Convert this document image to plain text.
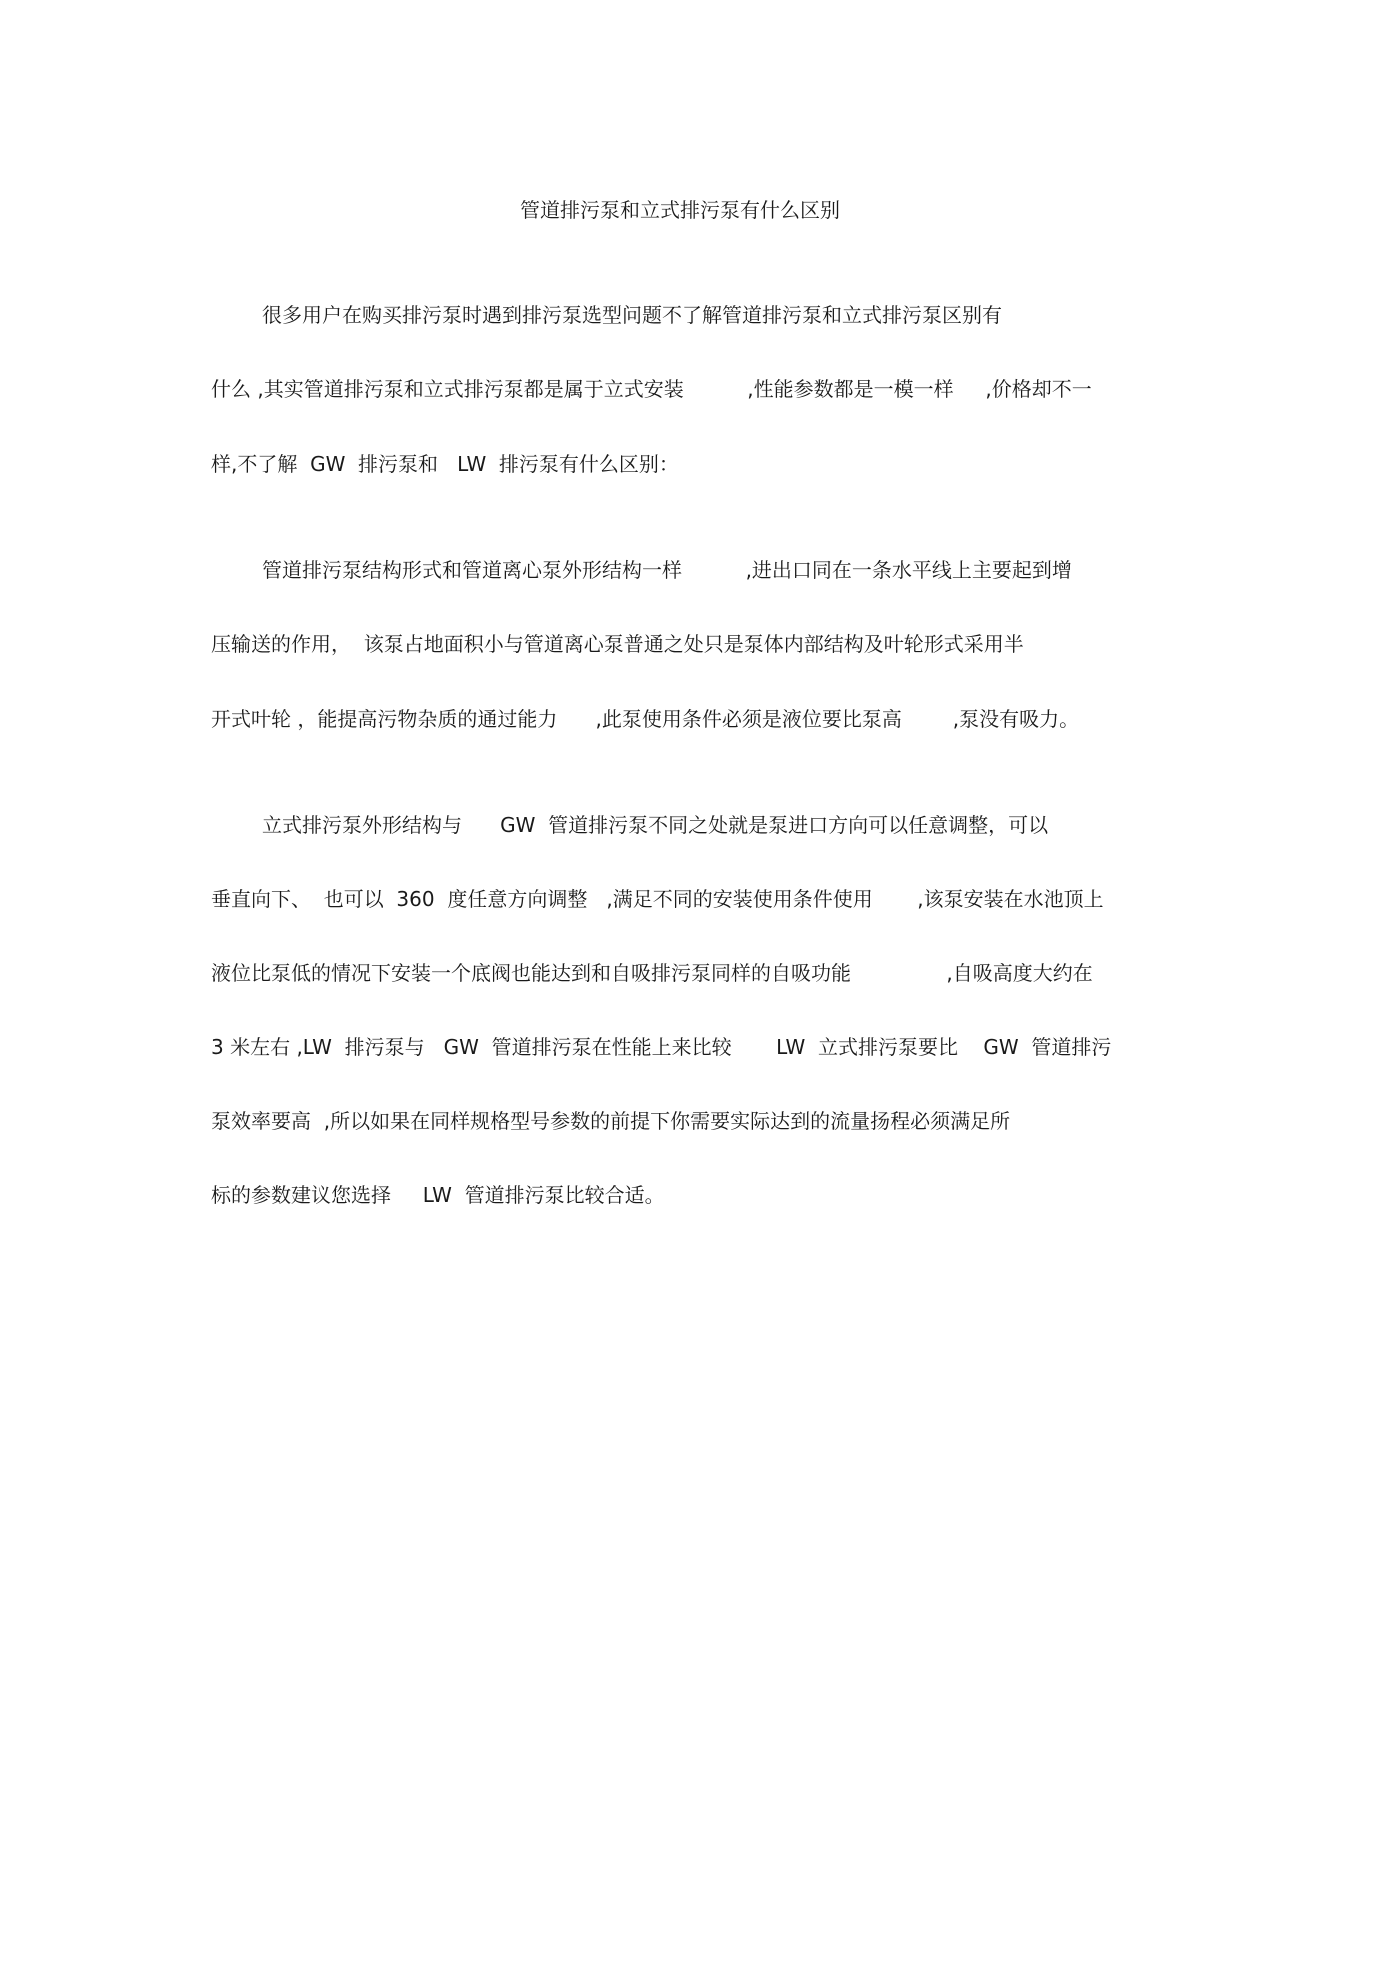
管道排污泵和立式排污泵有什么区别
很多用户在购买排污泵时遇到排污泵选型问题不了解管道排污泵和立式排污泵区别有
什么 ,其实管道排污泵和立式排污泵都是属于立式安装          ,性能参数都是一模一样     ,价格却不一
样,不了解  GW  排污泵和   LW  排污泵有什么区别：
管道排污泵结构形式和管道离心泵外形结构一样          ,进出口同在一条水平线上主要起到增
压输送的作用，  该泵占地面积小与管道离心泵普通之处只是泵体内部结构及叶轮形式采用半
开式叶轮 ，能提高污物杂质的通过能力      ,此泵使用条件必须是液位要比泵高        ,泵没有吸力。
立式排污泵外形结构与      GW  管道排污泵不同之处就是泵进口方向可以任意调整，可以
垂直向下、  也可以  360  度任意方向调整   ,满足不同的安装使用条件使用       ,该泵安装在水池顶上
液位比泵低的情况下安装一个底阀也能达到和自吸排污泵同样的自吸功能               ,自吸高度大约在
3 米左右 ,LW  排污泵与   GW  管道排污泵在性能上来比较       LW  立式排污泵要比    GW  管道排污
泵效率要高  ,所以如果在同样规格型号参数的前提下你需要实际达到的流量扬程必须满足所
标的参数建议您选择     LW  管道排污泵比较合适。
